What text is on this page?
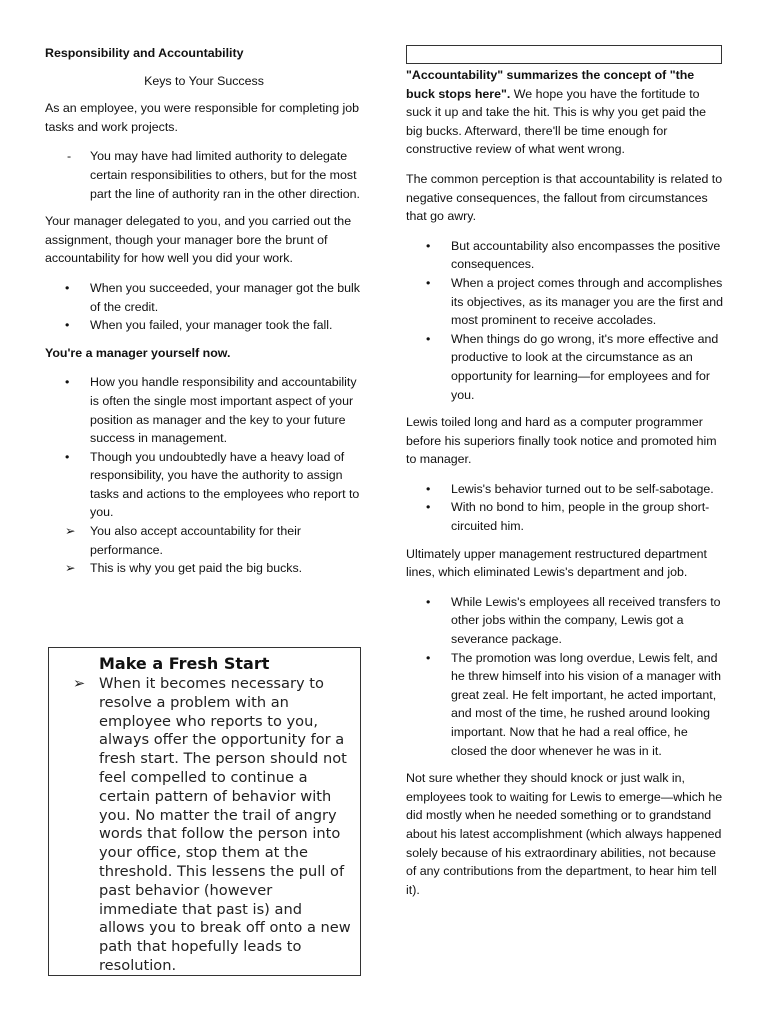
Responsibility and Accountability

Keys to Your Success

As an employee, you were responsible for completing job tasks and work projects.

-	You may have had limited authority to delegate certain responsibilities to others, but for the most part the line of authority ran in the other direction.

Your manager delegated to you, and you carried out the assignment, though your manager bore the brunt of accountability for how well you did your work.

•	When you succeeded, your manager got the bulk of the credit.
•	When you failed, your manager took the fall.

You're a manager yourself now.

•	How you handle responsibility and accountability is often the single most important aspect of your position as manager and the key to your future success in management.
•	Though you undoubtedly have a heavy load of responsibility, you have the authority to assign tasks and actions to the employees who report to you.
➢	You also accept accountability for their performance.
➢	This is why you get paid the big bucks.
Make a Fresh Start
➢ When it becomes necessary to resolve a problem with an employee who reports to you, always offer the opportunity for a fresh start. The person should not feel compelled to continue a certain pattern of behavior with you. No matter the trail of angry words that follow the person into your office, stop them at the threshold. This lessens the pull of past behavior (however immediate that past is) and allows you to break off onto a new path that hopefully leads to resolution.

"Accountability" summarizes the concept of "the buck stops here". We hope you have the fortitude to suck it up and take the hit. This is why you get paid the big bucks. Afterward, there'll be time enough for constructive review of what went wrong.

The common perception is that accountability is related to negative consequences, the fallout from circumstances that go awry.

•	But accountability also encompasses the positive consequences.
•	When a project comes through and accomplishes its objectives, as its manager you are the first and most prominent to receive accolades.
•	When things do go wrong, it's more effective and productive to look at the circumstance as an opportunity for learning—for employees and for you.

Lewis toiled long and hard as a computer programmer before his superiors finally took notice and promoted him to manager.

•	Lewis's behavior turned out to be self-sabotage.
•	With no bond to him, people in the group short-circuited him.

Ultimately upper management restructured department lines, which eliminated Lewis's department and job.

•	While Lewis's employees all received transfers to other jobs within the company, Lewis got a severance package.
•	The promotion was long overdue, Lewis felt, and he threw himself into his vision of a manager with great zeal. He felt important, he acted important, and most of the time, he rushed around looking important. Now that he had a real office, he closed the door whenever he was in it.

Not sure whether they should knock or just walk in, employees took to waiting for Lewis to emerge—which he did mostly when he needed something or to grandstand about his latest accomplishment (which always happened solely because of his extraordinary abilities, not because of any contributions from the department, to hear him tell it).
